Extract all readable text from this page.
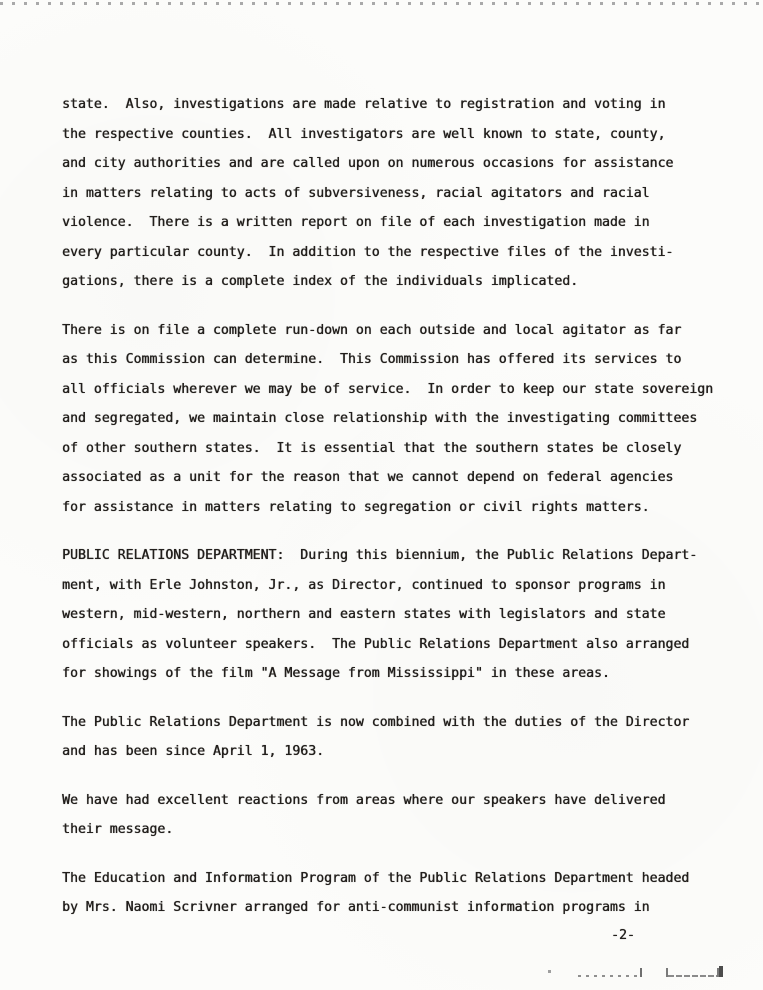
state.  Also, investigations are made relative to registration and voting in
the respective counties.  All investigators are well known to state, county,
and city authorities and are called upon on numerous occasions for assistance
in matters relating to acts of subversiveness, racial agitators and racial
violence.  There is a written report on file of each investigation made in
every particular county.  In addition to the respective files of the investi-
gations, there is a complete index of the individuals implicated.
There is on file a complete run-down on each outside and local agitator as far
as this Commission can determine.  This Commission has offered its services to
all officials wherever we may be of service.  In order to keep our state sovereign
and segregated, we maintain close relationship with the investigating committees
of other southern states.  It is essential that the southern states be closely
associated as a unit for the reason that we cannot depend on federal agencies
for assistance in matters relating to segregation or civil rights matters.
PUBLIC RELATIONS DEPARTMENT:  During this biennium, the Public Relations Depart-
ment, with Erle Johnston, Jr., as Director, continued to sponsor programs in
western, mid-western, northern and eastern states with legislators and state
officials as volunteer speakers.  The Public Relations Department also arranged
for showings of the film "A Message from Mississippi" in these areas.
The Public Relations Department is now combined with the duties of the Director
and has been since April 1, 1963.
We have had excellent reactions from areas where our speakers have delivered
their message.
The Education and Information Program of the Public Relations Department headed
by Mrs. Naomi Scrivner arranged for anti-communist information programs in
-2-
